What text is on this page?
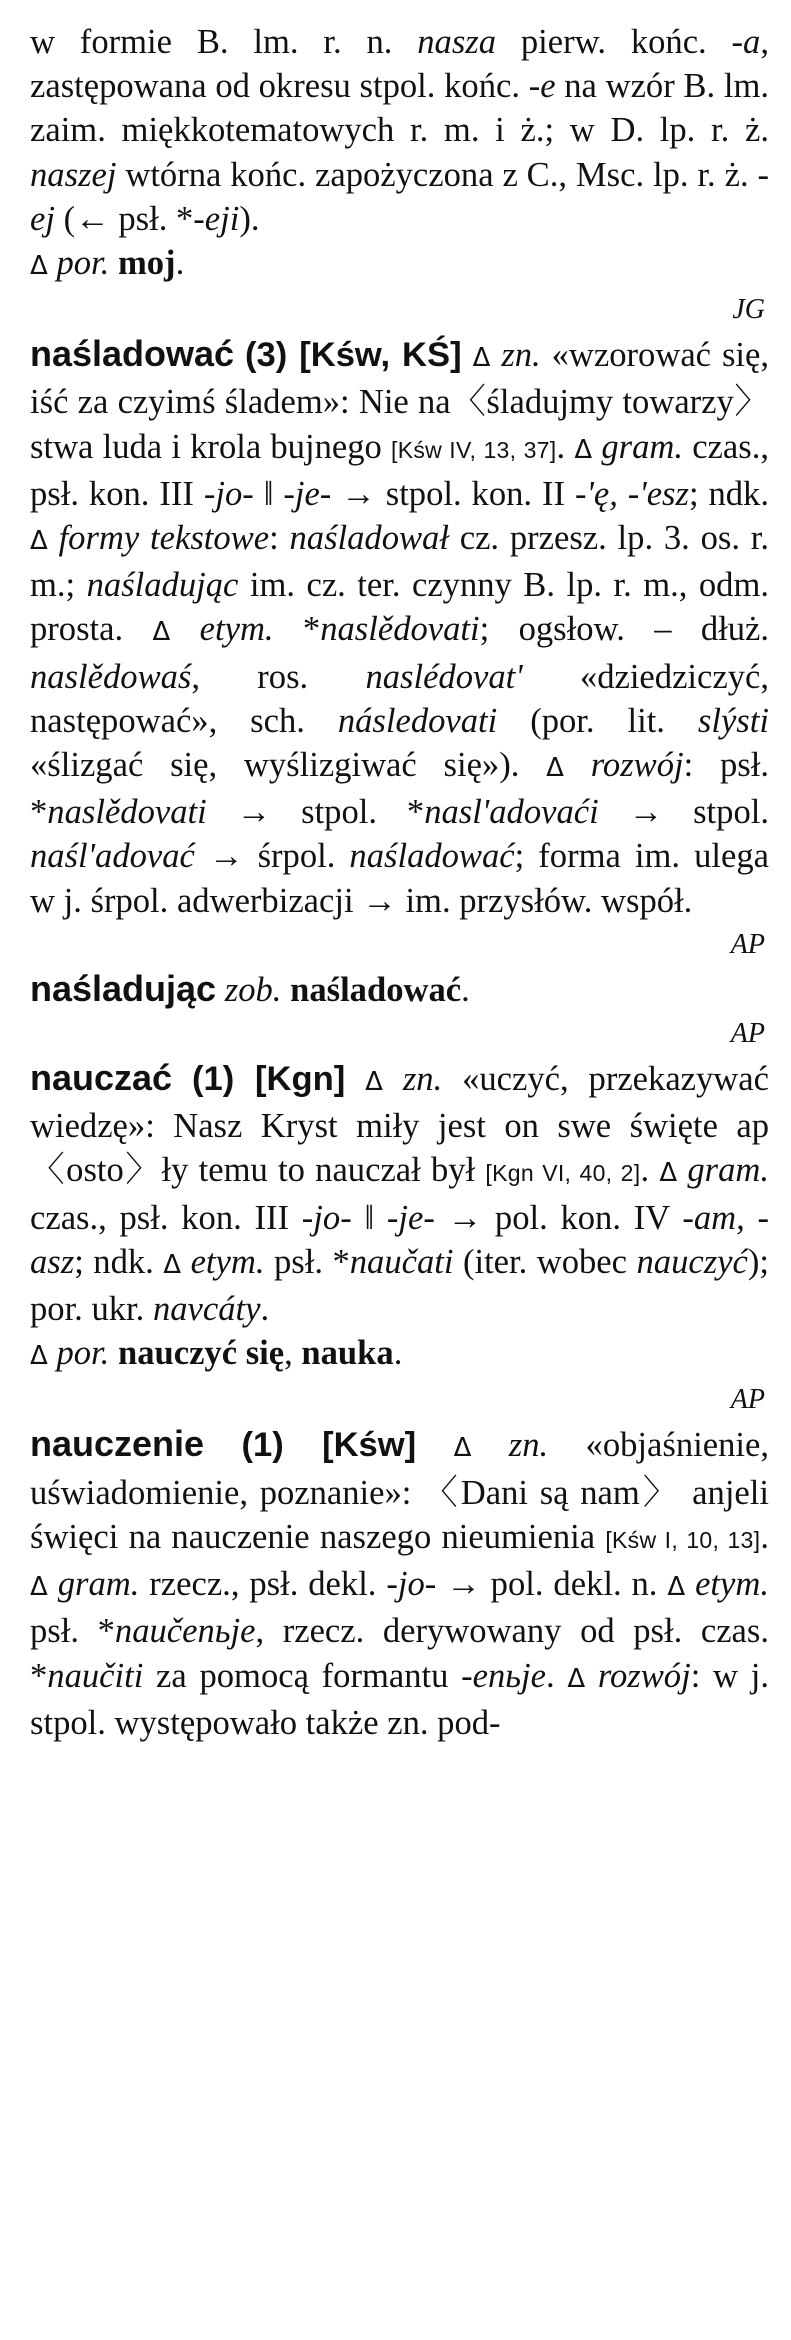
w formie B. lm. r. n. nasza pierw. końc. -a, zastępowana od okresu stpol. końc. -e na wzór B. lm. zaim. miękkotematowych r. m. i ż.; w D. lp. r. ż. naszej wtórna końc. zapożyczona z C., Msc. lp. r. ż. -ej (← psł. *-eji).
Δ por. moj.
JG
naśladować (3) [Kśw, KŚ] Δ zn. «wzorować się, iść za czyimś śladem»: Nie na〈śladujmy towarzy〉stwa luda i krola bujnego [Kśw IV, 13, 37]. Δ gram. czas., psł. kon. III -jo- ‖ -je- → stpol. kon. II -'ę, -'esz; ndk. Δ formy tekstowe: naśladował cz. przesz. lp. 3. os. r. m.; naśladując im. cz. ter. czynny B. lp. r. m., odm. prosta. Δ etym. *naslědovati; ogsłow. – dłuż. naslědowaś, ros. naslédovat' «dziedziczyć, następować», sch. následovati (por. lit. slýsti «ślizgać się, wyślizgiwać się»). Δ rozwój: psł. *naslědovati → stpol. *nasl'adovaći → stpol. naśl'adovać → śrpol. naśladować; forma im. ulega w j. śrpol. adwerbizacji → im. przysłów. współ.
AP
naśladując zob. naśladować.
AP
nauczać (1) [Kgn] Δ zn. «uczyć, przekazywać wiedzę»: Nasz Kryst miły jest on swe święte ap〈osto〉ły temu to nauczał był [Kgn VI, 40, 2]. Δ gram. czas., psł. kon. III -jo- ‖ -je- → pol. kon. IV -am, -asz; ndk. Δ etym. psł. *naučati (iter. wobec nauczyć); por. ukr. navcáty.
Δ por. nauczyć się, nauka.
AP
nauczenie (1) [Kśw] Δ zn. «objaśnienie, uświadomienie, poznanie»: 〈Dani są nam〉 anjeli święci na nauczenie naszego nieumienia [Kśw I, 10, 13]. Δ gram. rzecz., psł. dekl. -jo- → pol. dekl. n. Δ etym. psł. *naučenьje, rzecz. derywowany od psł. czas. *naučiti za pomocą formantu -enьje. Δ rozwój: w j. stpol. występowało także zn. pod-
